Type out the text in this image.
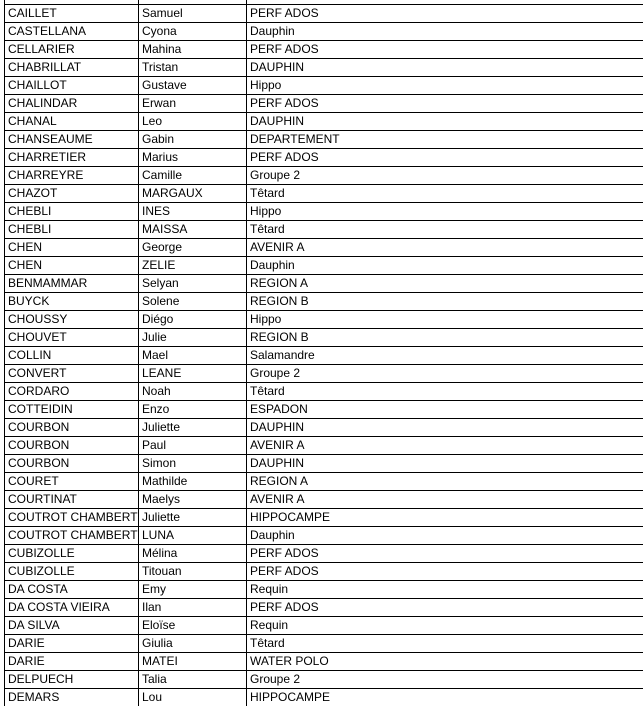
CAILLET	Samuel	PERF ADOS
CASTELLANA	Cyona	Dauphin
CELLARIER	Mahina	PERF ADOS
CHABRILLAT	Tristan	DAUPHIN
CHAILLOT	Gustave	Hippo
CHALINDAR	Erwan	PERF ADOS
CHANAL	Leo	DAUPHIN
CHANSEAUME	Gabin	DEPARTEMENT
CHARRETIER	Marius	PERF ADOS
CHARREYRE	Camille	Groupe 2
CHAZOT	MARGAUX	Têtard
CHEBLI	INES	Hippo
CHEBLI	MAISSA	Têtard
CHEN	George	AVENIR A
CHEN	ZELIE	Dauphin
BENMAMMAR	Selyan	REGION A
BUYCK	Solene	REGION B
CHOUSSY	Diégo	Hippo
CHOUVET	Julie	REGION B
COLLIN	Mael	Salamandre
CONVERT	LEANE	Groupe 2
CORDARO	Noah	Têtard
COTTEIDIN	Enzo	ESPADON
COURBON	Juliette	DAUPHIN
COURBON	Paul	AVENIR A
COURBON	Simon	DAUPHIN
COURET	Mathilde	REGION A
COURTINAT	Maelys	AVENIR A
COUTROT CHAMBERT	Juliette	HIPPOCAMPE
COUTROT CHAMBERT	LUNA	Dauphin
CUBIZOLLE	Mélina	PERF ADOS
CUBIZOLLE	Titouan	PERF ADOS
DA COSTA	Emy	Requin
DA COSTA VIEIRA	Ilan	PERF ADOS
DA SILVA	Eloïse	Requin
DARIE	Giulia	Têtard
DARIE	MATEI	WATER POLO
DELPUECH	Talia	Groupe 2
DEMARS	Lou	HIPPOCAMPE
